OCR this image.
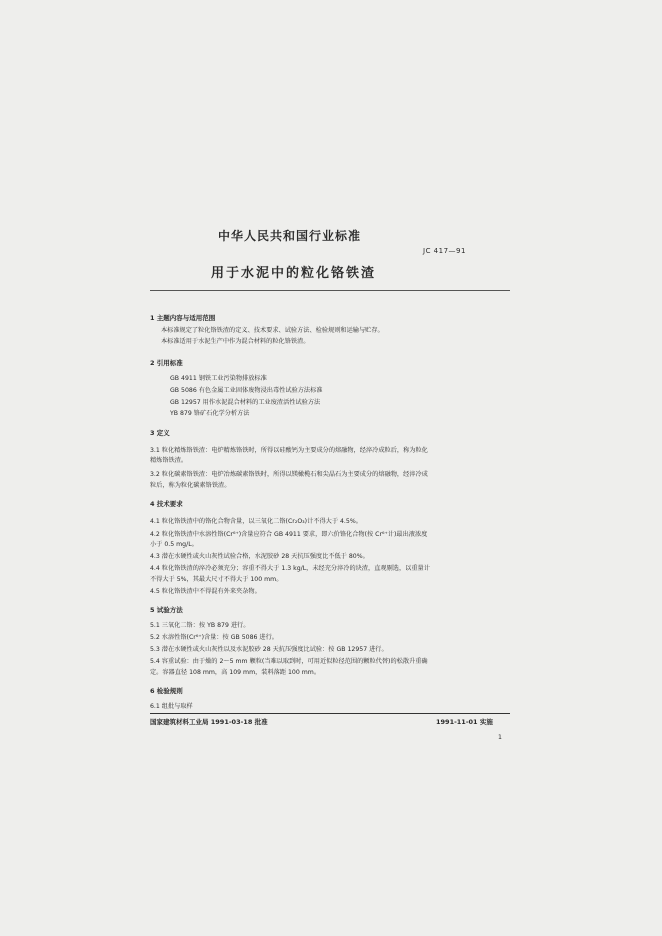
中华人民共和国行业标准
JC 417—91
用于水泥中的粒化铬铁渣
1 主题内容与适用范围
本标准规定了粒化铬铁渣的定义、技术要求、试验方法、检验规则和运输与贮存。
本标准适用于水泥生产中作为混合材料的粒化铬铁渣。
2 引用标准
GB 4911 钢铁工业污染物排放标准
GB 5086 有色金属工业固体废物浸出毒性试验方法标准
GB 12957 用作水泥混合材料的工业废渣活性试验方法
YB 879 铬矿石化学分析方法
3 定义
3.1 粒化精炼铬铁渣：电炉精炼铬铁时，所得以硅酸钙为主要成分的熔融物，经淬冷成粒后，称为粒化
精炼铬铁渣。
3.2 粒化碳素铬铁渣：电炉冶炼碳素铬铁时，所得以镁橄榄石和尖晶石为主要成分的熔融物，经淬冷成
粒后，称为粒化碳素铬铁渣。
4 技术要求
4.1 粒化铬铁渣中的铬化合物含量，以三氧化二铬(Cr₂O₃)计不得大于 4.5%。
4.2 粒化铬铁渣中水溶性铬(Cr⁶⁺)含量应符合 GB 4911 要求，即六价铬化合物(按 Cr⁶⁺计)最出液浓度
小于 0.5 mg/L。
4.3 潜在水硬性或火山灰性试验合格，水泥胶砂 28 天抗压强度比不低于 80%。
4.4 粒化铬铁渣的淬冷必须充分；容重不得大于 1.3 kg/L，未经充分淬冷的块渣，直观剔选，以重量计
不得大于 5%，其最大尺寸不得大于 100 mm。
4.5 粒化铬铁渣中不得混有外来夹杂物。
5 试验方法
5.1 三氧化二铬：按 YB 879 进行。
5.2 水溶性铬(Cr⁶⁺)含量：按 GB 5086 进行。
5.3 潜在水硬性或火山灰性以及水泥胶砂 28 天抗压强度比试验：按 GB 12957 进行。
5.4 容重试验：由于燥的 2～5 mm 颗粒(当难以取到时，可用近似粒径范围的颗粒代替)的松散升重确
定。容器直径 108 mm，高 109 mm，装料落距 100 mm。
6 检验规则
6.1 组批与取样
国家建筑材料工业局 1991-03-18 批准	1991-11-01 实施
1
